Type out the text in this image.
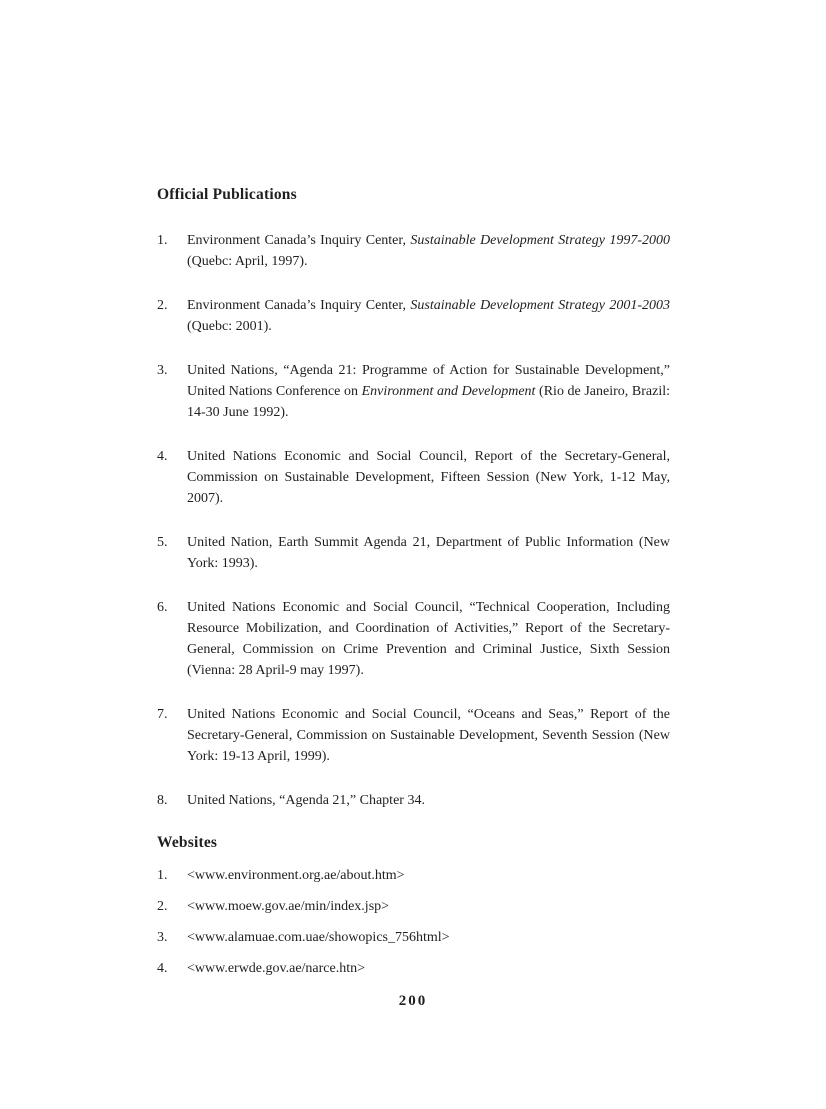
Official Publications
1.	Environment Canada’s Inquiry Center, Sustainable Development Strategy 1997-2000 (Quebc: April, 1997).
2.	Environment Canada’s Inquiry Center, Sustainable Development Strategy 2001-2003 (Quebc: 2001).
3.	United Nations, “Agenda 21: Programme of Action for Sustainable Development,” United Nations Conference on Environment and Development (Rio de Janeiro, Brazil: 14-30 June 1992).
4.	United Nations Economic and Social Council, Report of the Secretary-General, Commission on Sustainable Development, Fifteen Session (New York, 1-12 May, 2007).
5.	United Nation, Earth Summit Agenda 21, Department of Public Information (New York: 1993).
6.	United Nations Economic and Social Council, “Technical Cooperation, Including Resource Mobilization, and Coordination of Activities,” Report of the Secretary-General, Commission on Crime Prevention and Criminal Justice, Sixth Session (Vienna: 28 April-9 may 1997).
7.	United Nations Economic and Social Council, “Oceans and Seas,” Report of the Secretary-General, Commission on Sustainable Development, Seventh Session (New York: 19-13 April, 1999).
8.	United Nations, “Agenda 21,” Chapter 34.
Websites
1.	<www.environment.org.ae/about.htm>
2.	<www.moew.gov.ae/min/index.jsp>
3.	<www.alamuae.com.uae/showopics_756html>
4.	<www.erwde.gov.ae/narce.htn>
200
